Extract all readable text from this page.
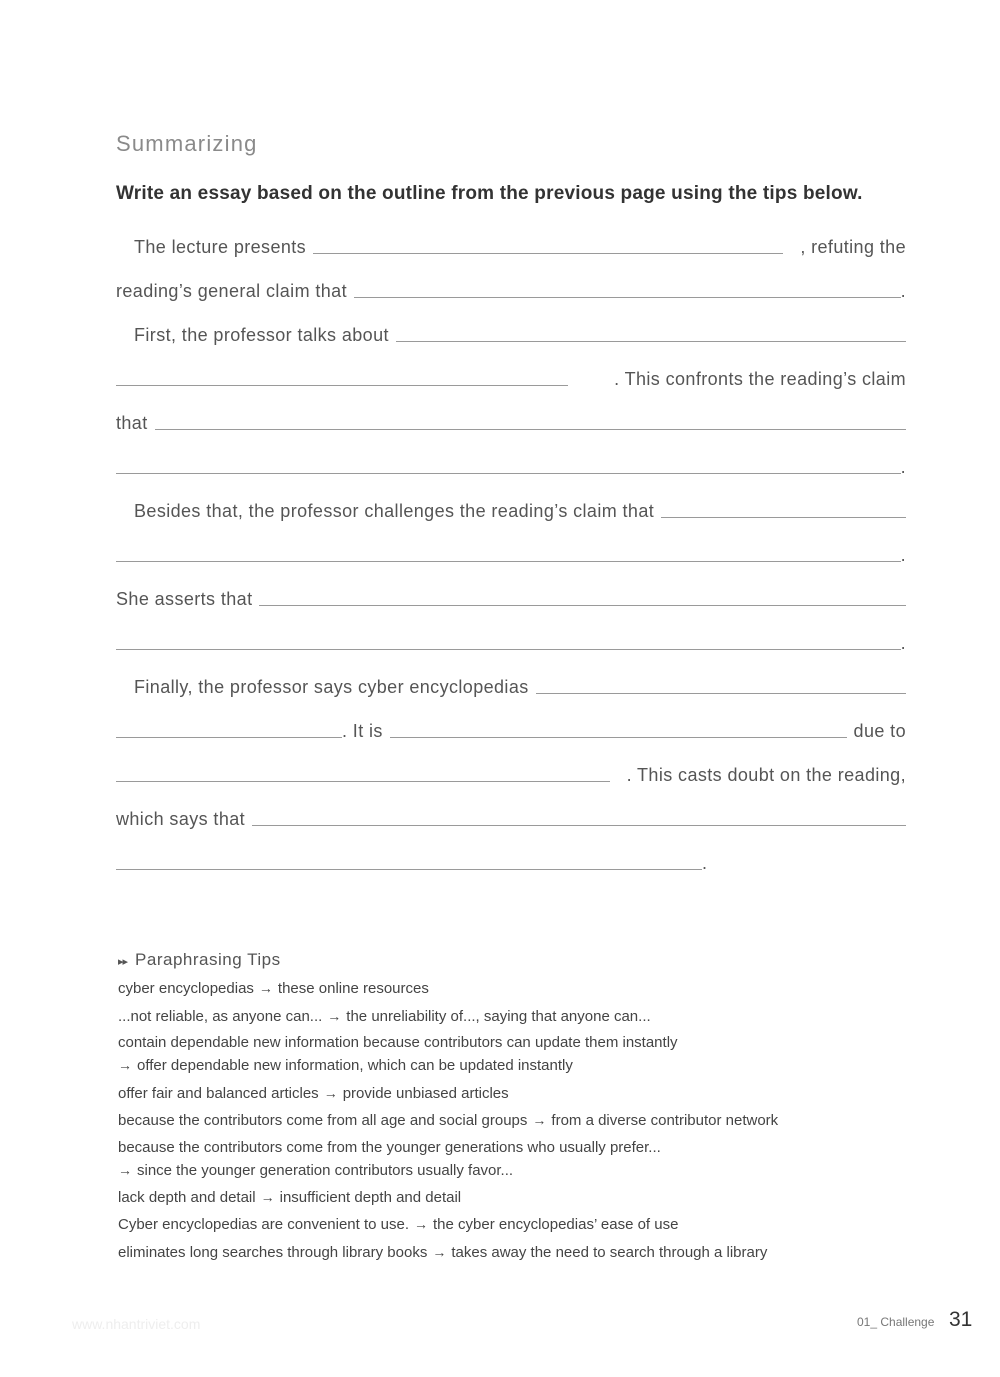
Summarizing
Write an essay based on the outline from the previous page using the tips below.
The lecture presents	, refuting the
reading’s general claim that	.
First, the professor talks about
. This confronts the reading’s claim
that
.
Besides that, the professor challenges the reading’s claim that
.
She asserts that
.
Finally, the professor says cyber encyclopedias
. It is	due to
. This casts doubt on the reading,
which says that
.
▸▸ Paraphrasing Tips
cyber encyclopedias → these online resources
...not reliable, as anyone can... → the unreliability of..., saying that anyone can...
contain dependable new information because contributors can update them instantly
→ offer dependable new information, which can be updated instantly
offer fair and balanced articles → provide unbiased articles
because the contributors come from all age and social groups → from a diverse contributor network
because the contributors come from the younger generations who usually prefer...
→ since the younger generation contributors usually favor...
lack depth and detail → insufficient depth and detail
Cyber encyclopedias are convenient to use. → the cyber encyclopedias’ ease of use
eliminates long searches through library books → takes away the need to search through a library
www.nhantriviet.com	01_ Challenge 31
